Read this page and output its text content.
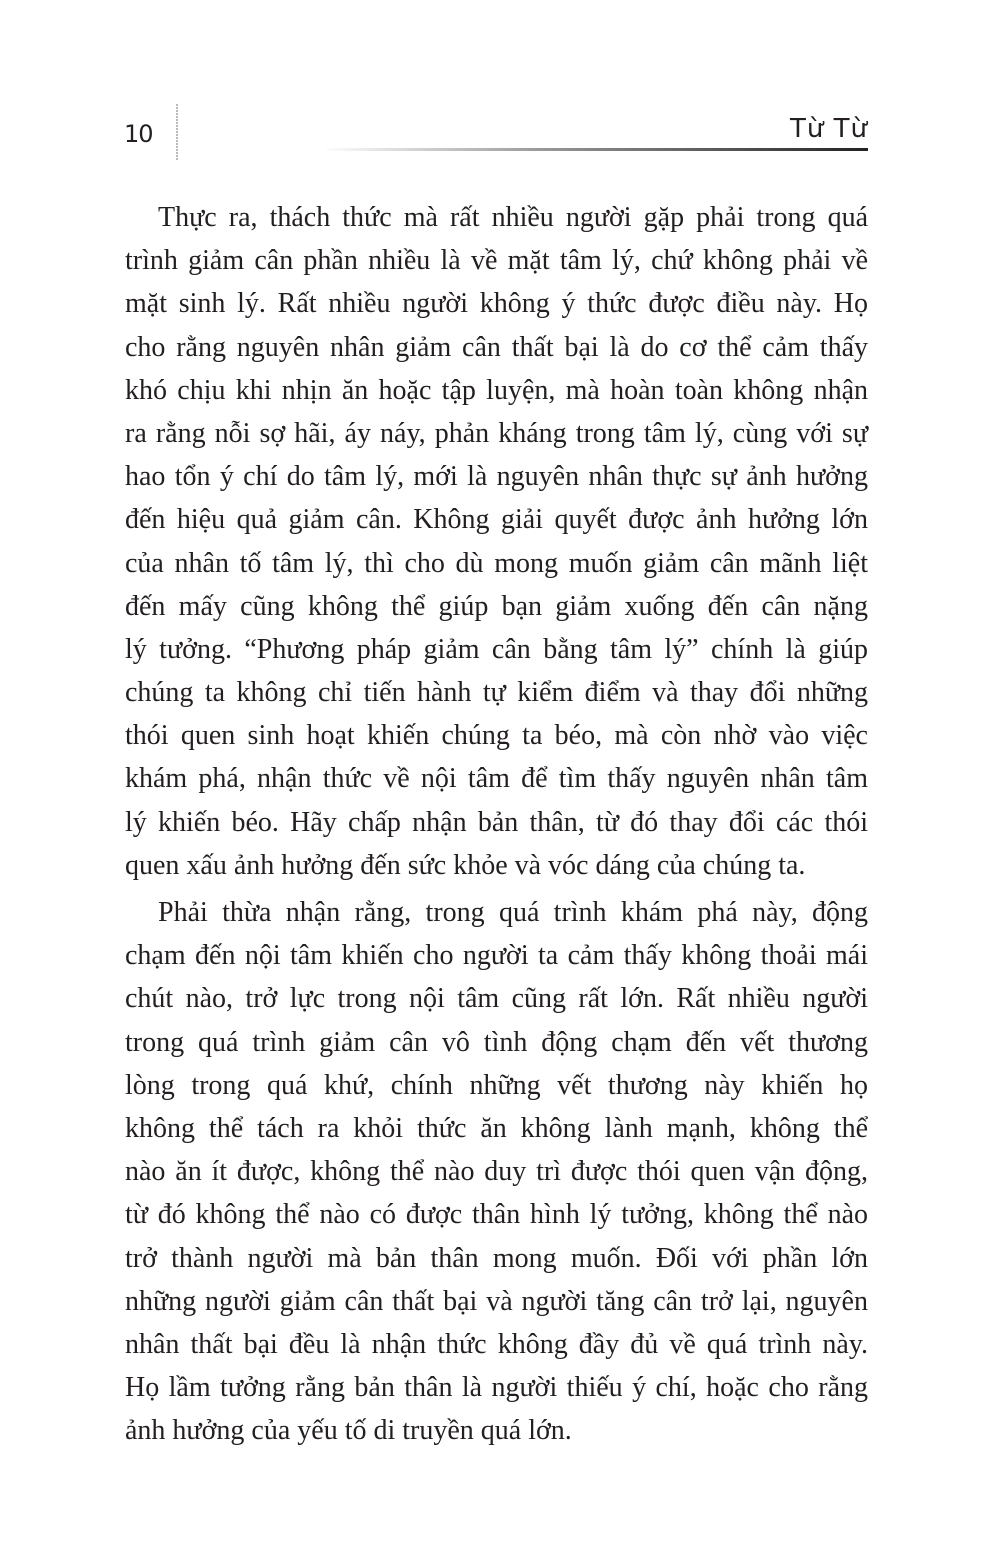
10	Từ Từ
Thực ra, thách thức mà rất nhiều người gặp phải trong quá
trình giảm cân phần nhiều là về mặt tâm lý, chứ không phải về
mặt sinh lý. Rất nhiều người không ý thức được điều này. Họ
cho rằng nguyên nhân giảm cân thất bại là do cơ thể cảm thấy
khó chịu khi nhịn ăn hoặc tập luyện, mà hoàn toàn không nhận
ra rằng nỗi sợ hãi, áy náy, phản kháng trong tâm lý, cùng với sự
hao tổn ý chí do tâm lý, mới là nguyên nhân thực sự ảnh hưởng
đến hiệu quả giảm cân. Không giải quyết được ảnh hưởng lớn
của nhân tố tâm lý, thì cho dù mong muốn giảm cân mãnh liệt
đến mấy cũng không thể giúp bạn giảm xuống đến cân nặng
lý tưởng. “Phương pháp giảm cân bằng tâm lý” chính là giúp
chúng ta không chỉ tiến hành tự kiểm điểm và thay đổi những
thói quen sinh hoạt khiến chúng ta béo, mà còn nhờ vào việc
khám phá, nhận thức về nội tâm để tìm thấy nguyên nhân tâm
lý khiến béo. Hãy chấp nhận bản thân, từ đó thay đổi các thói
quen xấu ảnh hưởng đến sức khỏe và vóc dáng của chúng ta.
Phải thừa nhận rằng, trong quá trình khám phá này, động
chạm đến nội tâm khiến cho người ta cảm thấy không thoải mái
chút nào, trở lực trong nội tâm cũng rất lớn. Rất nhiều người
trong quá trình giảm cân vô tình động chạm đến vết thương
lòng trong quá khứ, chính những vết thương này khiến họ
không thể tách ra khỏi thức ăn không lành mạnh, không thể
nào ăn ít được, không thể nào duy trì được thói quen vận động,
từ đó không thể nào có được thân hình lý tưởng, không thể nào
trở thành người mà bản thân mong muốn. Đối với phần lớn
những người giảm cân thất bại và người tăng cân trở lại, nguyên
nhân thất bại đều là nhận thức không đầy đủ về quá trình này.
Họ lầm tưởng rằng bản thân là người thiếu ý chí, hoặc cho rằng
ảnh hưởng của yếu tố di truyền quá lớn.
